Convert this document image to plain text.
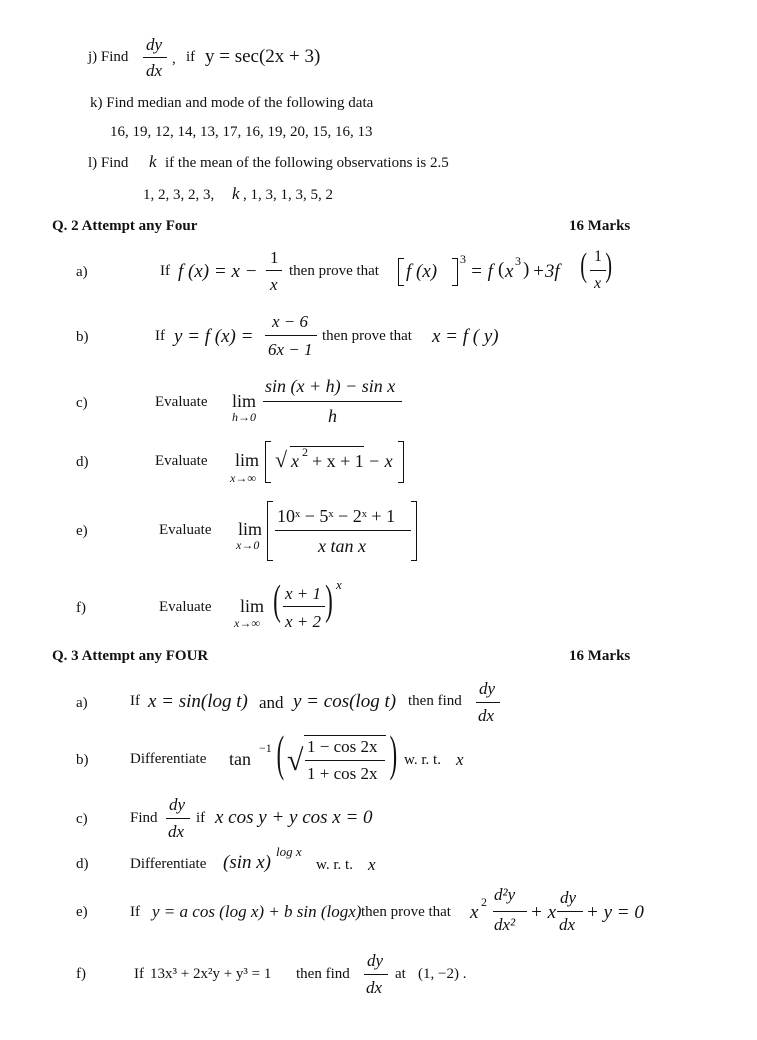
j) Find
dy
dx
, if y = sec(2x + 3)
k) Find median and mode of the following data
16, 19, 12, 14, 13, 17, 16, 19, 20, 15, 16, 13
l) Find k if the mean of the following observations is 2.5
1, 2, 3, 2, 3, k , 1, 3, 1, 3, 5, 2
Q. 2 Attempt any Four	16 Marks
a)	If f (x) = x −
1
x
then prove that f (x)
3
= f ( x 3 ) +3f ( 1
x )
b)	If y = f (x) =
x − 6
6x − 1
then prove that x = f ( y)
c)	Evaluate lim
h→0
sin (x + h) − sin x
h
d)	Evaluate lim
x→∞
√ x 2 + x + 1 − x
e)	Evaluate lim
x→0
10ˣ − 5ˣ − 2ˣ + 1
x tan x
f)	Evaluate lim
x→∞ ( x + 1
x + 2 ) x
Q. 3 Attempt any FOUR	16 Marks
a)	If x = sin(log t) and y = cos(log t) then find
dy
dx
b)	Differentiate tan
−1 ( √ 1 − cos 2x
1 + cos 2x ) w. r. t. x
c)	Find
dy
dx
if x cos y + y cos x = 0
d)	Differentiate (sin x)
log x
w. r. t. x
e)	If y = a cos (log x) + b sin (logx) then prove that x 2 d²y
dx²
+ x
dy
dx
+ y = 0
f)	If 13x³ + 2x²y + y³ = 1 then find
dy
dx
at (1, −2) .
